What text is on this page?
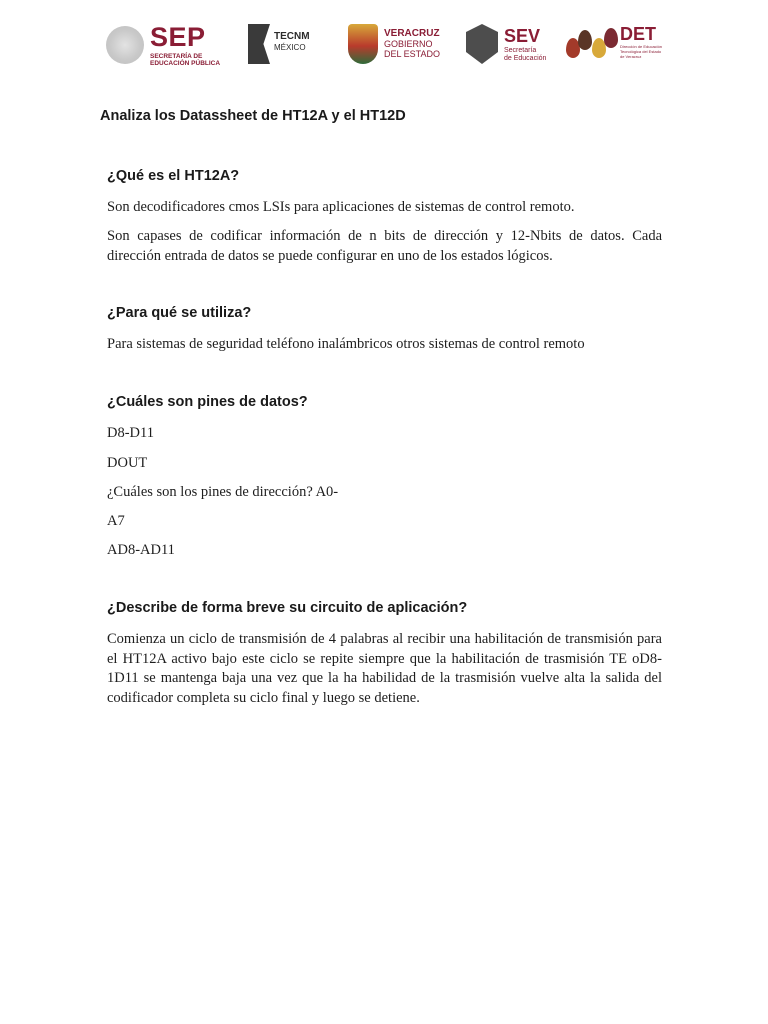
SEP
SECRETARÍA DE
EDUCACIÓN PÚBLICA
TECNM
MÉXICO
VERACRUZ
GOBIERNO
DEL ESTADO
SEV
Secretaría
de Educación
DET
Dirección de Educación Tecnológica del Estado de Veracruz
Analiza los Datassheet de HT12A y el HT12D
¿Qué es el HT12A?

Son decodificadores cmos LSIs para aplicaciones de sistemas de control remoto.

Son capases de codificar información de n bits de dirección y 12-Nbits de datos. Cada dirección entrada de datos se puede configurar en uno de los estados lógicos.

¿Para qué se utiliza?

Para sistemas de seguridad teléfono inalámbricos otros sistemas de control remoto

¿Cuáles son pines de datos?

D8-D11

DOUT

¿Cuáles son los pines de dirección? A0-

A7

AD8-AD11

¿Describe de forma breve su circuito de aplicación?

Comienza un ciclo de transmisión de 4 palabras al recibir una habilitación de transmisión para el HT12A activo bajo este ciclo se repite siempre que la habilitación de trasmisión TE oD8-1D11 se mantenga baja una vez que la ha habilidad de la trasmisión vuelve alta la salida del codificador completa su ciclo final y luego se detiene.
